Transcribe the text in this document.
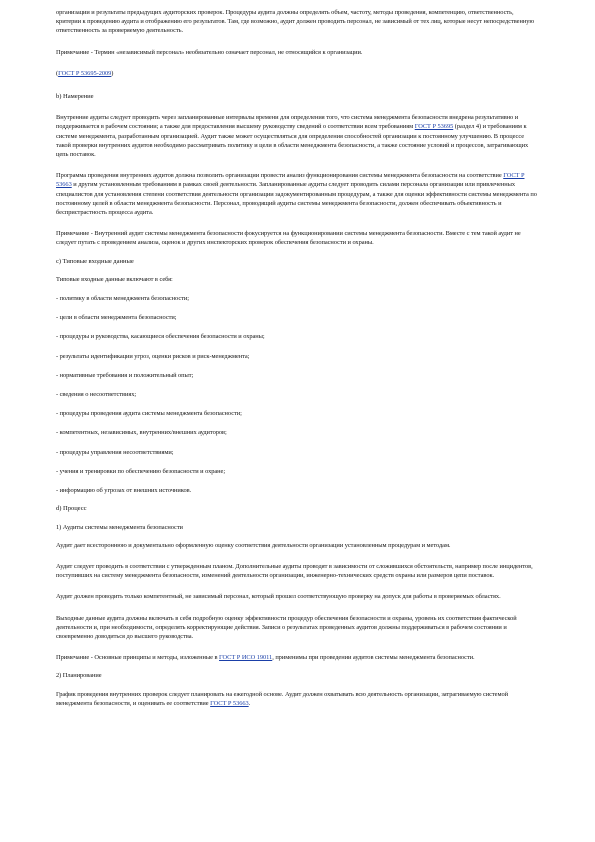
организации и результаты предыдущих аудиторских проверок. Процедуры аудита должны определять объем, частоту, методы проведения, компетенцию, ответственность, критерии к проведению аудита и отображению его результатов. Там, где возможно, аудит должен проводить персонал, не зависимый от тех лиц, которые несут непосредственную ответственность за проверяемую деятельность.

Примечание - Термин «независимый персонал» необязательно означает персонал, не относящийся к организации.

(ГОСТ Р 53695-2009)

b) Намерение

Внутренние аудиты следует проводить через запланированные интервалы времени для определения того, что система менеджмента безопасности внедрена результативно и поддерживается в рабочем состоянии; а также для предоставления высшему руководству сведений о соответствии всем требованиям ГОСТ Р 53695 (раздел 4) и требованиям к системе менеджмента, разработанным организацией. Аудит также может осуществляться для определения способностей организации к постоянному улучшению. В процессе такой проверки внутренних аудитов необходимо рассматривать политику и цели в области менеджмента безопасности, а также состояние условий и процессов, затрагивающих цепь поставок.

Программа проведения внутренних аудитов должна позволить организации провести анализ функционирования системы менеджмента безопасности на соответствие ГОСТ Р 53663 и другим установленным требованиям в рамках своей деятельности. Запланированные аудиты следует проводить силами персонала организации или привлеченных специалистов для установления степени соответствия деятельности организации задокументированным процедурам, а также для оценки эффективности системы менеджмента по постоянному целей в области менеджмента безопасности. Персонал, проводящий аудиты системы менеджмента безопасности, должен обеспечивать объективность и беспристрастность процесса аудита.

Примечание - Внутренний аудит системы менеджмента безопасности фокусируется на функционировании системы менеджмента безопасности. Вместе с тем такой аудит не следует путать с проведением анализа, оценок и других инспекторских проверок обеспечения безопасности и охраны.

c) Типовые входные данные

Типовые входные данные включают в себя:

- политику в области менеджмента безопасности;

- цели в области менеджмента безопасности;

- процедуры и руководства, касающиеся обеспечения безопасности и охраны;

- результаты идентификации угроз, оценки рисков и риск-менеджмента;

- нормативные требования и положительный опыт;

- сведения о несоответствиях;

- процедуры проведения аудита системы менеджмента безопасности;

- компетентных, независимых, внутренних/внешних аудиторов;

- процедуры управления несоответствиями;

- учения и тренировки по обеспечению безопасности и охране;

- информацию об угрозах от внешних источников.

d) Процесс

1) Аудиты системы менеджмента безопасности

Аудит дает всестороннюю и документально оформленную оценку соответствия деятельности организации установленным процедурам и методам.

Аудит следует проводить в соответствии с утвержденным планом. Дополнительные аудиты проводят в зависимости от сложившихся обстоятельств, например после инцидентов, поступивших на систему менеджмента безопасности, изменений деятельности организации, инженерно-технических средств охраны или размеров цепи поставок.

Аудит должен проводить только компетентный, не зависимый персонал, который прошел соответствующую проверку на допуск для работы в проверяемых областях.

Выходные данные аудита должны включать в себя подробную оценку эффективности процедур обеспечения безопасности и охраны, уровень их соответствия фактической деятельности и, при необходимости, определять корректирующие действия. Записи о результатах проведенных аудитов должны поддерживаться в рабочем состоянии и своевременно доводиться до высшего руководства.

Примечание - Основные принципы и методы, изложенные в ГОСТ Р ИСО 19011, применимы при проведении аудитов системы менеджмента безопасности.

2) Планирование

График проведения внутренних проверок следует планировать на ежегодной основе. Аудит должен охватывать всю деятельность организации, затрагиваемую системой менеджмента безопасности, и оценивать ее соответствие ГОСТ Р 53663.
